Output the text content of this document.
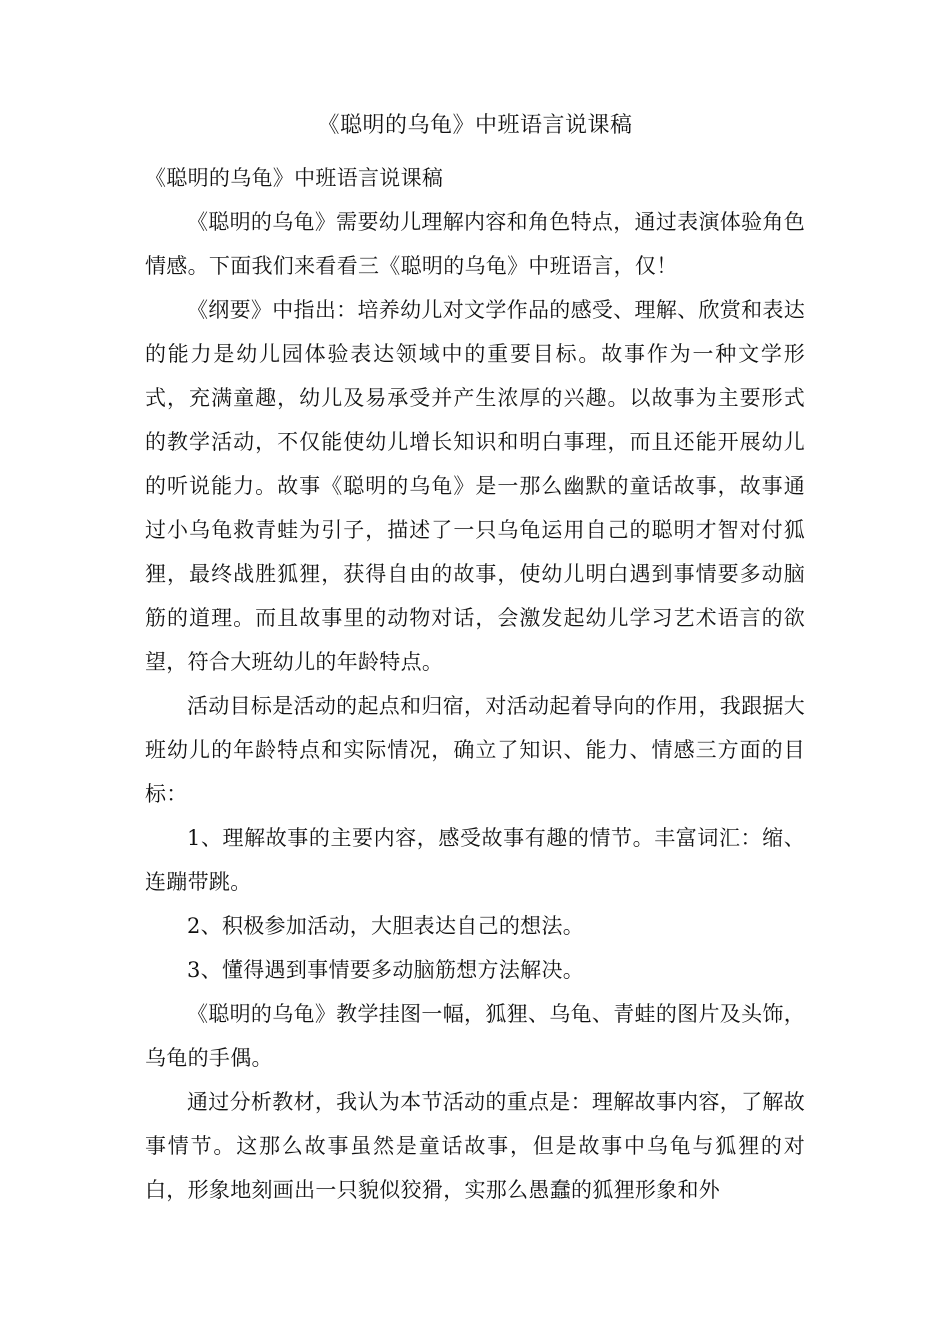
《聪明的乌龟》中班语言说课稿

《聪明的乌龟》中班语言说课稿

《聪明的乌龟》需要幼儿理解内容和角色特点，通过表演体验角色情感。下面我们来看看三《聪明的乌龟》中班语言，仅！

《纲要》中指出：培养幼儿对文学作品的感受、理解、欣赏和表达的能力是幼儿园体验表达领域中的重要目标。故事作为一种文学形式，充满童趣，幼儿及易承受并产生浓厚的兴趣。以故事为主要形式的教学活动，不仅能使幼儿增长知识和明白事理，而且还能开展幼儿的听说能力。故事《聪明的乌龟》是一那么幽默的童话故事，故事通过小乌龟救青蛙为引子，描述了一只乌龟运用自己的聪明才智对付狐狸，最终战胜狐狸，获得自由的故事，使幼儿明白遇到事情要多动脑筋的道理。而且故事里的动物对话，会激发起幼儿学习艺术语言的欲望，符合大班幼儿的年龄特点。

活动目标是活动的起点和归宿，对活动起着导向的作用，我跟据大班幼儿的年龄特点和实际情况，确立了知识、能力、情感三方面的目标：

1、理解故事的主要内容，感受故事有趣的情节。丰富词汇：缩、连蹦带跳。

2、积极参加活动，大胆表达自己的想法。

3、懂得遇到事情要多动脑筋想方法解决。

《聪明的乌龟》教学挂图一幅，狐狸、乌龟、青蛙的图片及头饰，乌龟的手偶。

通过分析教材，我认为本节活动的重点是：理解故事内容，了解故事情节。这那么故事虽然是童话故事，但是故事中乌龟与狐狸的对白，形象地刻画出一只貌似狡猾，实那么愚蠢的狐狸形象和外
